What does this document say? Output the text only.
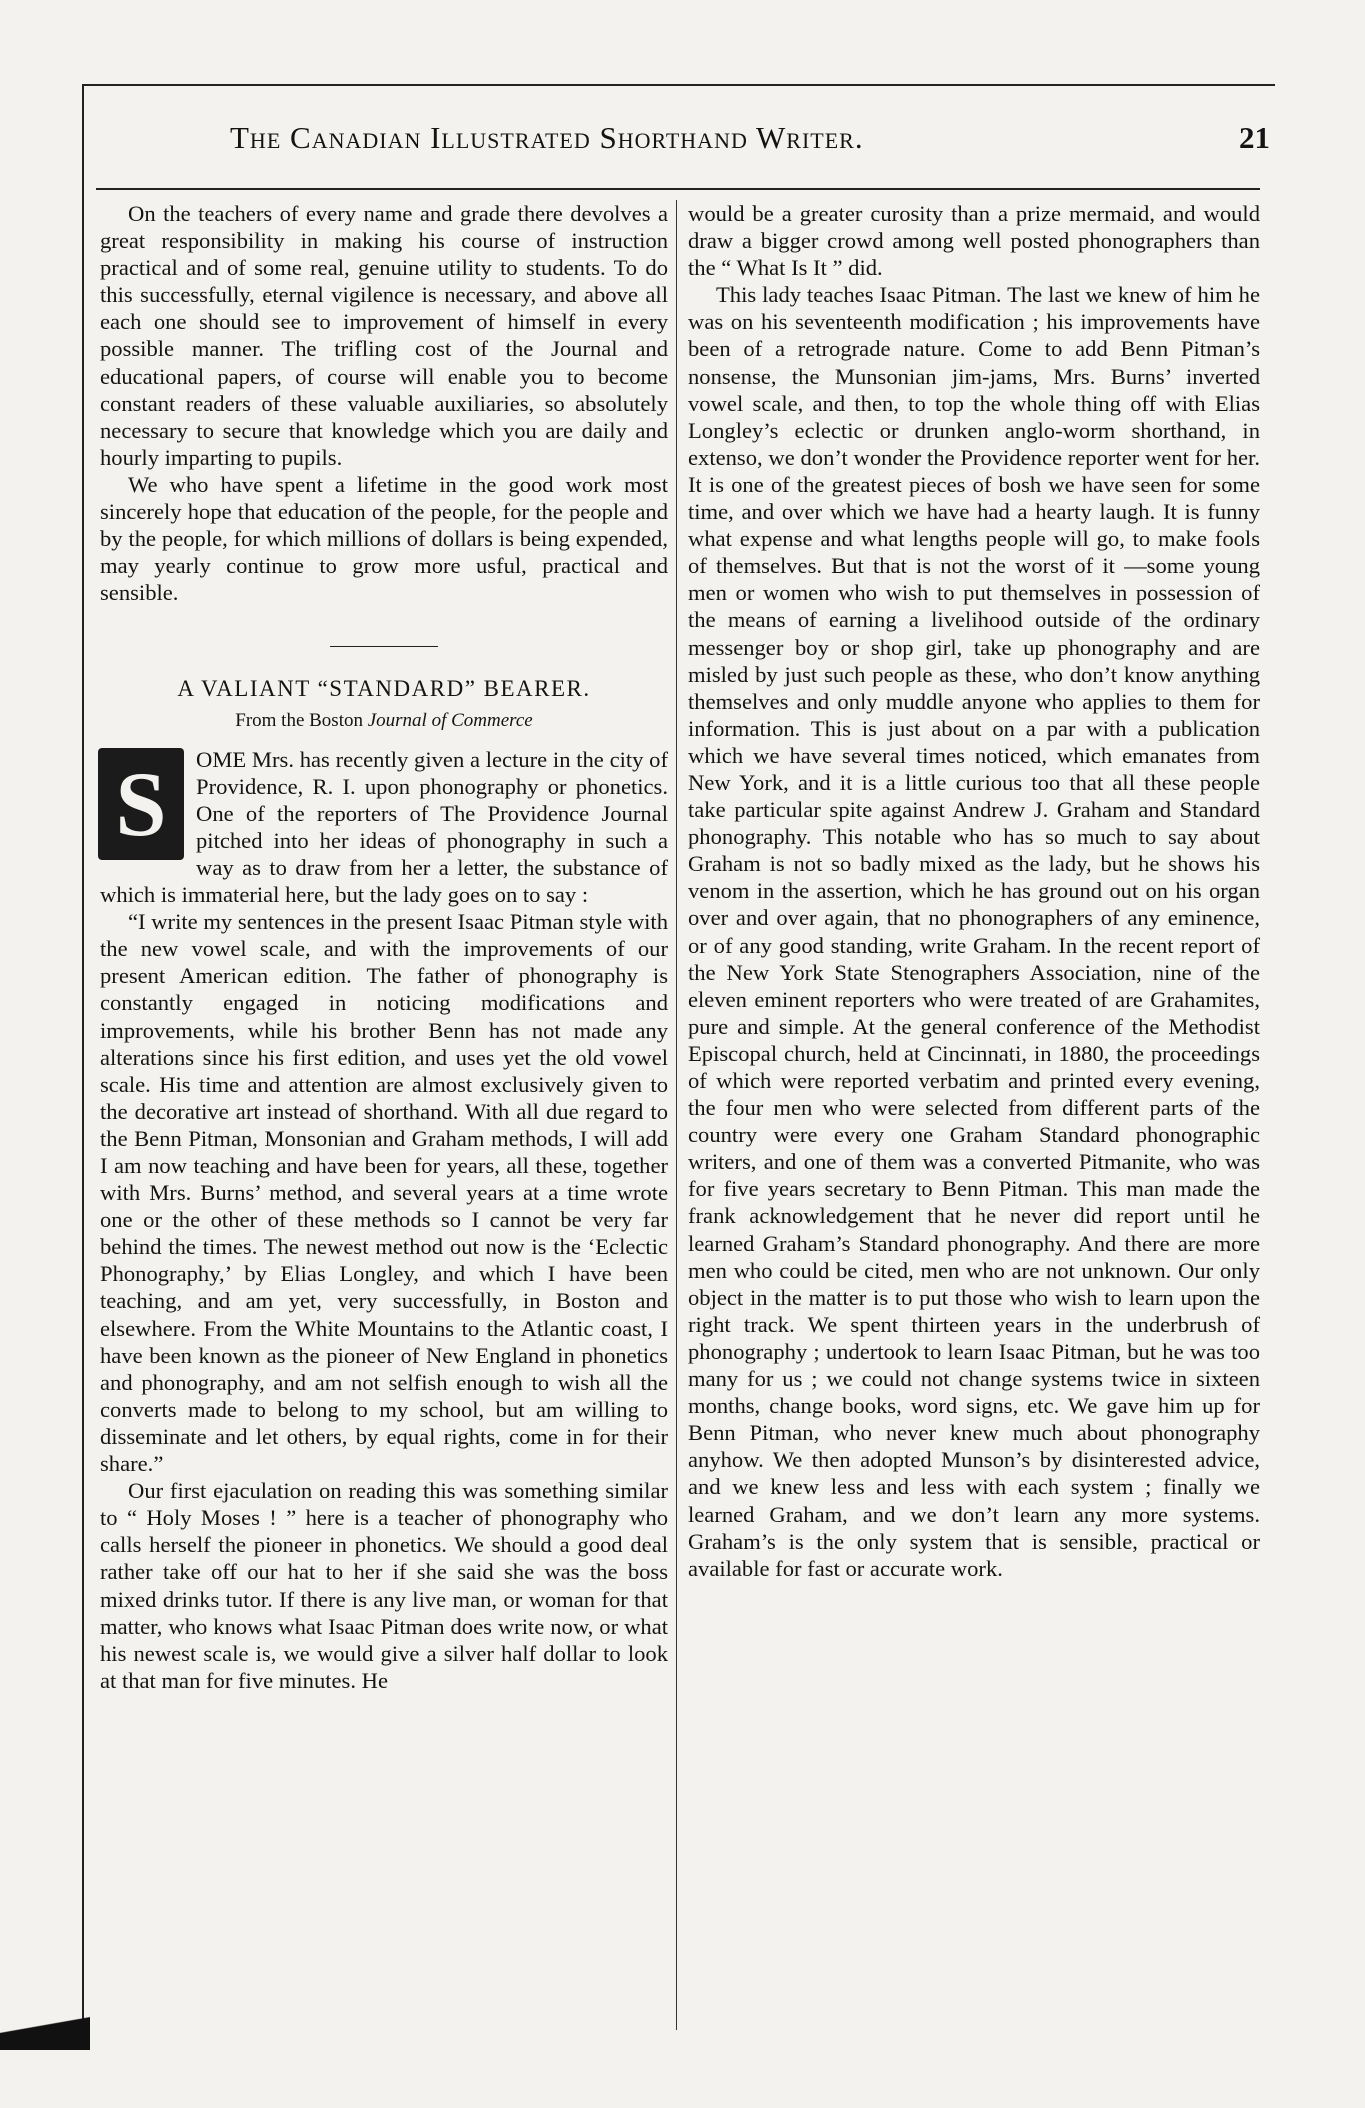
The Canadian Illustrated Shorthand Writer.	21

On the teachers of every name and grade there devolves a great responsibility in making his course of instruction practical and of some real, genuine utility to students. To do this successfully, eternal vigilence is necessary, and above all each one should see to improvement of himself in every possible manner. The trifling cost of the Journal and educational papers, of course will enable you to become constant readers of these valuable auxiliaries, so absolutely necessary to secure that knowledge which you are daily and hourly imparting to pupils.

We who have spent a lifetime in the good work most sincerely hope that education of the people, for the people and by the people, for which millions of dollars is being expended, may yearly continue to grow more usful, practical and sensible.

A VALIANT “STANDARD” BEARER.
From the Boston Journal of Commerce
S	OME Mrs. has recently given a lecture in the city of Providence, R. I. upon phonography or phonetics. One of the reporters of The Providence Journal pitched into her ideas of phonography in such a way as to draw from her a letter, the substance of which is immaterial here, but the lady goes on to say :

“I write my sentences in the present Isaac Pitman style with the new vowel scale, and with the improvements of our present American edition. The father of phonography is constantly engaged in noticing modifications and improvements, while his brother Benn has not made any alterations since his first edition, and uses yet the old vowel scale. His time and attention are almost exclusively given to the decorative art instead of shorthand. With all due regard to the Benn Pitman, Monsonian and Graham methods, I will add I am now teaching and have been for years, all these, together with Mrs. Burns’ method, and several years at a time wrote one or the other of these methods so I cannot be very far behind the times. The newest method out now is the ‘Eclectic Phonography,’ by Elias Longley, and which I have been teaching, and am yet, very successfully, in Boston and elsewhere. From the White Mountains to the Atlantic coast, I have been known as the pioneer of New England in phonetics and phonography, and am not selfish enough to wish all the converts made to belong to my school, but am willing to disseminate and let others, by equal rights, come in for their share.”

Our first ejaculation on reading this was something similar to “ Holy Moses ! ” here is a teacher of phonography who calls herself the pioneer in phonetics. We should a good deal rather take off our hat to her if she said she was the boss mixed drinks tutor. If there is any live man, or woman for that matter, who knows what Isaac Pitman does write now, or what his newest scale is, we would give a silver half dollar to look at that man for five minutes. He

would be a greater curosity than a prize mermaid, and would draw a bigger crowd among well posted phonographers than the “ What Is It ” did.

This lady teaches Isaac Pitman. The last we knew of him he was on his seventeenth modification ; his improvements have been of a retrograde nature. Come to add Benn Pitman’s nonsense, the Munsonian jim-jams, Mrs. Burns’ inverted vowel scale, and then, to top the whole thing off with Elias Longley’s eclectic or drunken anglo-worm shorthand, in extenso, we don’t wonder the Providence reporter went for her. It is one of the greatest pieces of bosh we have seen for some time, and over which we have had a hearty laugh. It is funny what expense and what lengths people will go, to make fools of themselves. But that is not the worst of it —some young men or women who wish to put themselves in possession of the means of earning a livelihood outside of the ordinary messenger boy or shop girl, take up phonography and are misled by just such people as these, who don’t know anything themselves and only muddle anyone who applies to them for information. This is just about on a par with a publication which we have several times noticed, which emanates from New York, and it is a little curious too that all these people take particular spite against Andrew J. Graham and Standard phonography. This notable who has so much to say about Graham is not so badly mixed as the lady, but he shows his venom in the assertion, which he has ground out on his organ over and over again, that no phonographers of any eminence, or of any good standing, write Graham. In the recent report of the New York State Stenographers Association, nine of the eleven eminent reporters who were treated of are Grahamites, pure and simple. At the general conference of the Methodist Episcopal church, held at Cincinnati, in 1880, the proceedings of which were reported verbatim and printed every evening, the four men who were selected from different parts of the country were every one Graham Standard phonographic writers, and one of them was a converted Pitmanite, who was for five years secretary to Benn Pitman. This man made the frank acknowledgement that he never did report until he learned Graham’s Standard phonography. And there are more men who could be cited, men who are not unknown. Our only object in the matter is to put those who wish to learn upon the right track. We spent thirteen years in the underbrush of phonography ; undertook to learn Isaac Pitman, but he was too many for us ; we could not change systems twice in sixteen months, change books, word signs, etc. We gave him up for Benn Pitman, who never knew much about phonography anyhow. We then adopted Munson’s by disinterested advice, and we knew less and less with each system ; finally we learned Graham, and we don’t learn any more systems. Graham’s is the only system that is sensible, practical or available for fast or accurate work.
